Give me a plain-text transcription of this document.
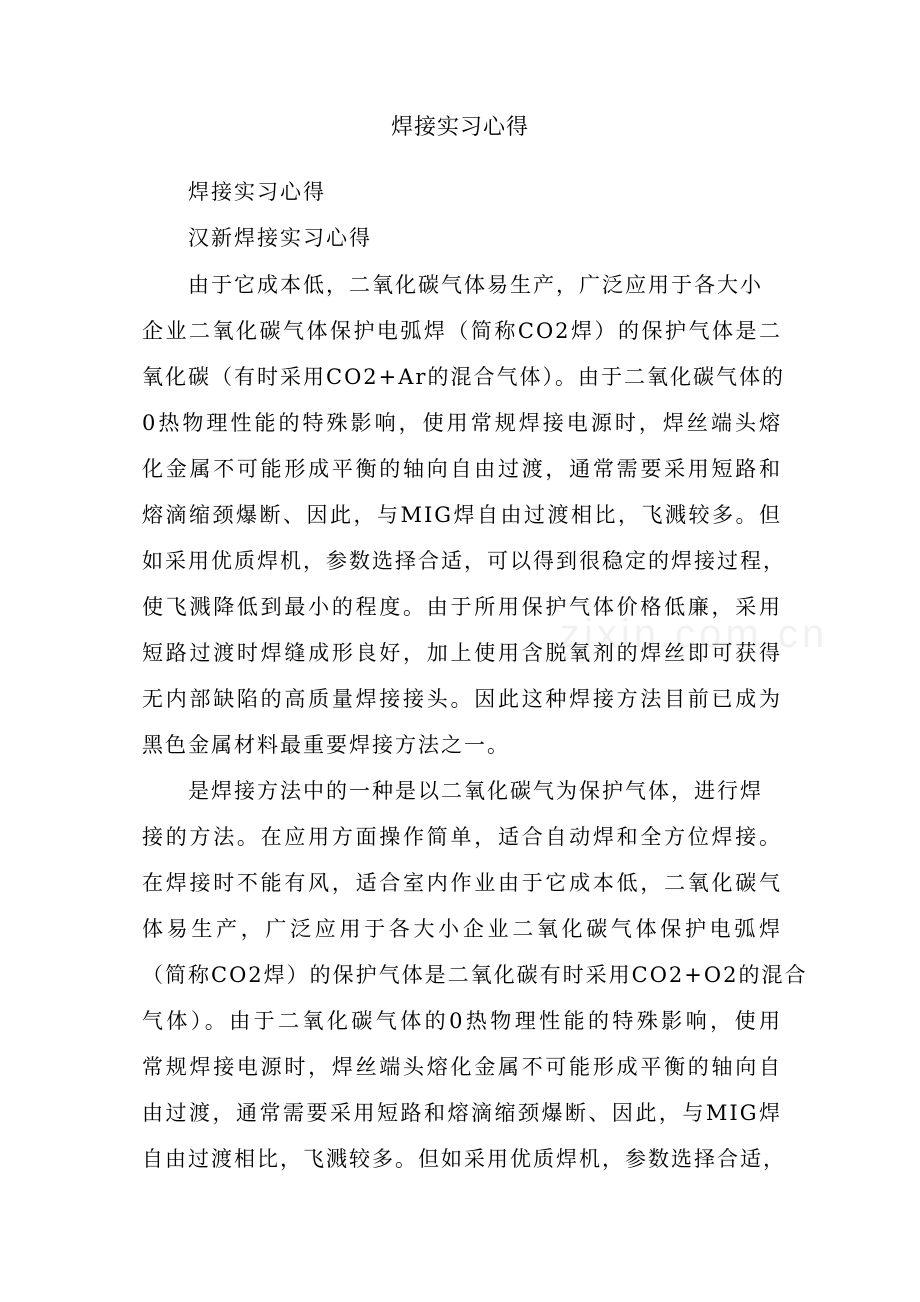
焊接实习心得
焊接实习心得
汉新焊接实习心得
由于它成本低，二氧化碳气体易生产，广泛应用于各大小
企业二氧化碳气体保护电弧焊（简称CO2焊）的保护气体是二
氧化碳（有时采用CO2+Ar的混合气体）。由于二氧化碳气体的
0热物理性能的特殊影响，使用常规焊接电源时，焊丝端头熔
化金属不可能形成平衡的轴向自由过渡，通常需要采用短路和
熔滴缩颈爆断、因此，与MIG焊自由过渡相比，飞溅较多。但
如采用优质焊机，参数选择合适，可以得到很稳定的焊接过程，
使飞溅降低到最小的程度。由于所用保护气体价格低廉，采用
短路过渡时焊缝成形良好，加上使用含脱氧剂的焊丝即可获得
无内部缺陷的高质量焊接接头。因此这种焊接方法目前已成为
黑色金属材料最重要焊接方法之一。
是焊接方法中的一种是以二氧化碳气为保护气体，进行焊
接的方法。在应用方面操作简单，适合自动焊和全方位焊接。
在焊接时不能有风，适合室内作业由于它成本低，二氧化碳气
体易生产，广泛应用于各大小企业二氧化碳气体保护电弧焊
（简称CO2焊）的保护气体是二氧化碳有时采用CO2+O2的混合
气体）。由于二氧化碳气体的0热物理性能的特殊影响，使用
常规焊接电源时，焊丝端头熔化金属不可能形成平衡的轴向自
由过渡，通常需要采用短路和熔滴缩颈爆断、因此，与MIG焊
自由过渡相比，飞溅较多。但如采用优质焊机，参数选择合适，
zixin.com.cn
